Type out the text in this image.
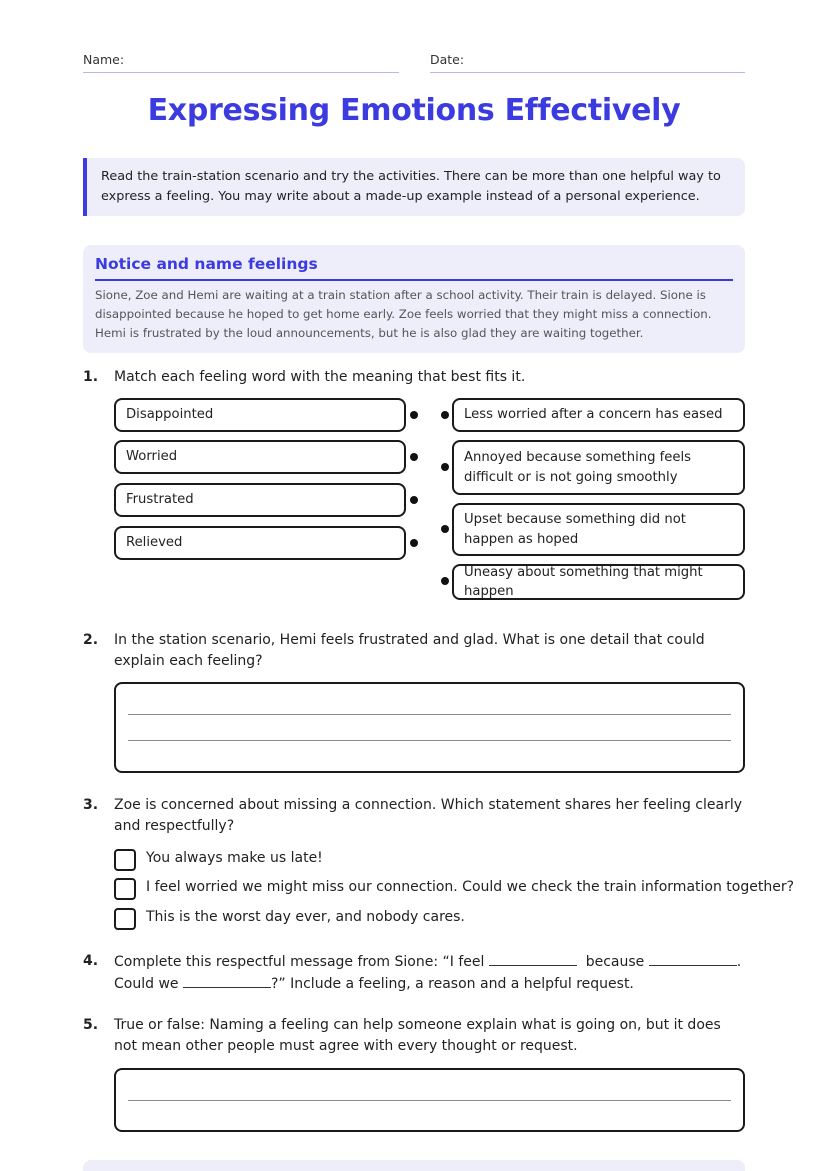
Name:	Date:
Expressing Emotions Effectively
Read the train-station scenario and try the activities. There can be more than one helpful way to express a feeling. You may write about a made-up example instead of a personal experience.
Notice and name feelings
Sione, Zoe and Hemi are waiting at a train station after a school activity. Their train is delayed. Sione is disappointed because he hoped to get home early. Zoe feels worried that they might miss a connection. Hemi is frustrated by the loud announcements, but he is also glad they are waiting together.
1. Match each feeling word with the meaning that best fits it.
Disappointed
Worried
Frustrated
Relieved
Less worried after a concern has eased
Annoyed because something feels difficult or is not going smoothly
Upset because something did not happen as hoped
Uneasy about something that might happen
2. In the station scenario, Hemi feels frustrated and glad. What is one detail that could explain each feeling?
3. Zoe is concerned about missing a connection. Which statement shares her feeling clearly and respectfully?
You always make us late!
I feel worried we might miss our connection. Could we check the train information together?
This is the worst day ever, and nobody cares.
4. Complete this respectful message from Sione: “I feel	because	.
Could we	?” Include a feeling, a reason and a helpful request.
5. True or false: Naming a feeling can help someone explain what is going on, but it does not mean other people must agree with every thought or request.
